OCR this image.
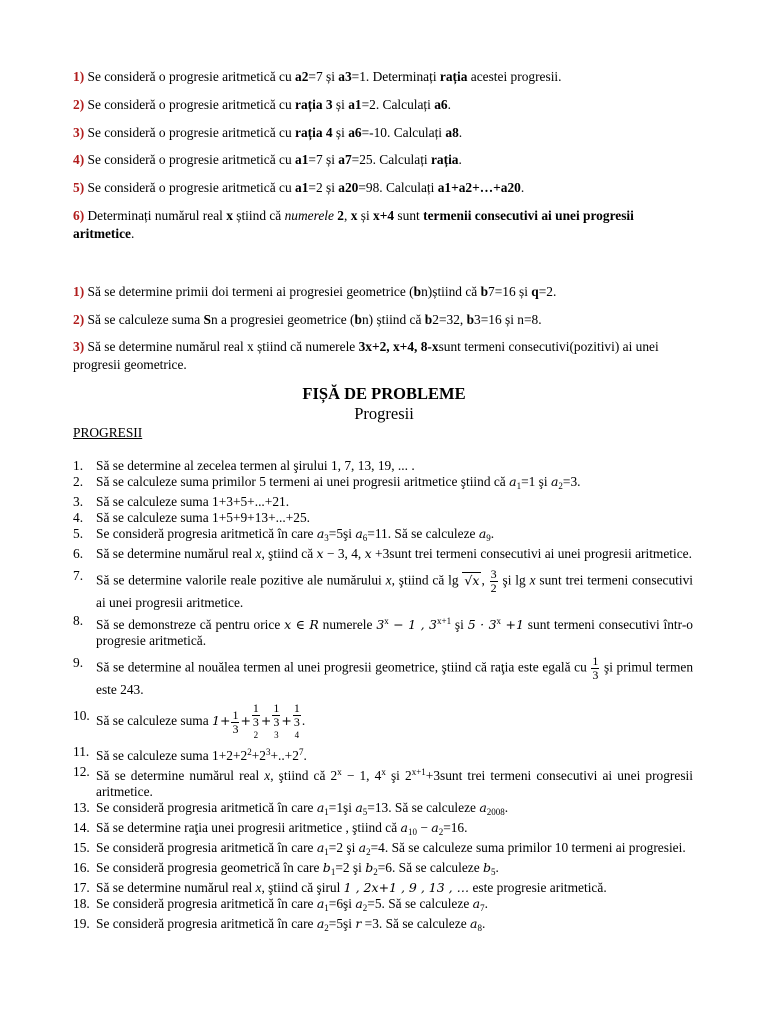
1) Se consideră o progresie aritmetică cu a2=7 și a3=1. Determinați rația acestei progresii.
2) Se consideră o progresie aritmetică cu rația 3 și a1=2. Calculați a6.
3) Se consideră o progresie aritmetică cu rația 4 și a6=-10. Calculați a8.
4) Se consideră o progresie aritmetică cu a1=7 și a7=25. Calculați rația.
5) Se consideră o progresie aritmetică cu a1=2 și a20=98. Calculați a1+a2+…+a20.
6) Determinați numărul real x știind că numerele 2, x și x+4 sunt termenii consecutivi ai unei progresii aritmetice.
1) Să se determine primii doi termeni ai progresiei geometrice (bn)știind că b7=16 și q=2.
2) Să se calculeze suma Sn a progresiei geometrice (bn) știind că b2=32, b3=16 și n=8.
3) Să se determine numărul real x știind că numerele 3x+2, x+4, 8-xsunt termeni consecutivi(pozitivi) ai unei progresii geometrice.
FIȘĂ DE PROBLEME
Progresii
PROGRESII
1. Să se determine al zecelea termen al şirului 1, 7, 13, 19, ... .
2. Să se calculeze suma primilor 5 termeni ai unei progresii aritmetice ştiind că $a_1=1$ şi $a_2=3$.
3. Să se calculeze suma 1+3+5+...+21.
4. Să se calculeze suma 1+5+9+13+...+25.
5. Se consideră progresia aritmetică în care $a_3=5şi$ $a_6=11$. Să se calculeze $a_9$.
6. Să se determine numărul real x, ştiind că x − 3, 4, x +3sunt trei termeni consecutivi ai unei progresii aritmetice.
7. Să se determine valorile reale pozitive ale numărului x, ştiind că lg √x , $\frac{3}{2}$ şi lg x sunt trei termeni consecutivi ai unei progresii aritmetice.
8. Să se demonstreze că pentru orice x ∈ R numerele $3^x - 1$ , $3^{x+1}$ şi $5 \cdot 3^x +1$ sunt termeni consecutivi într-o progresie aritmetică.
9. Să se determine al nouălea termen al unei progresii geometrice, ştiind că raţia este egală cu $\frac{1}{3}$ şi primul termen este 243.
10. Să se calculeze suma $1+ \frac{1}{3} + 1$
3
2 + 1
3
3 + 1
3
4 .
11. Să se calculeze suma $1+2+2^2+2^3+..+2^7$.
12. Să se determine numărul real x, ştiind că $2^x - 1$, 4$^x$ şi $2^{x+1}+3sunt$ trei termeni consecutivi ai unei progresii aritmetice.
13. Se consideră progresia aritmetică în care $a_1=1şi$ $a_5=13$. Să se calculeze $a_{2008}$.
14. Să se determine raţia unei progresii aritmetice , ştiind că $a_{10} - a_2=16$.
15. Se consideră progresia aritmetică în care $a_1=2$ şi $a_2=4$. Să se calculeze suma primilor 10 termeni ai progresiei.
16. Se consideră progresia geometrică în care $b_1=2$ şi $b_2=6$. Să se calculeze $b_5$.
17. Să se determine numărul real x, ştiind că şirul 1 , 2x+1 , 9 , 13 , … este progresie aritmetică.
18. Se consideră progresia aritmetică în care $a_1=6şi$ $a_2=5$. Să se calculeze $a_7$.
19. Se consideră progresia aritmetică în care $a_2=5şi$ r =3. Să se calculeze $a_8$.
